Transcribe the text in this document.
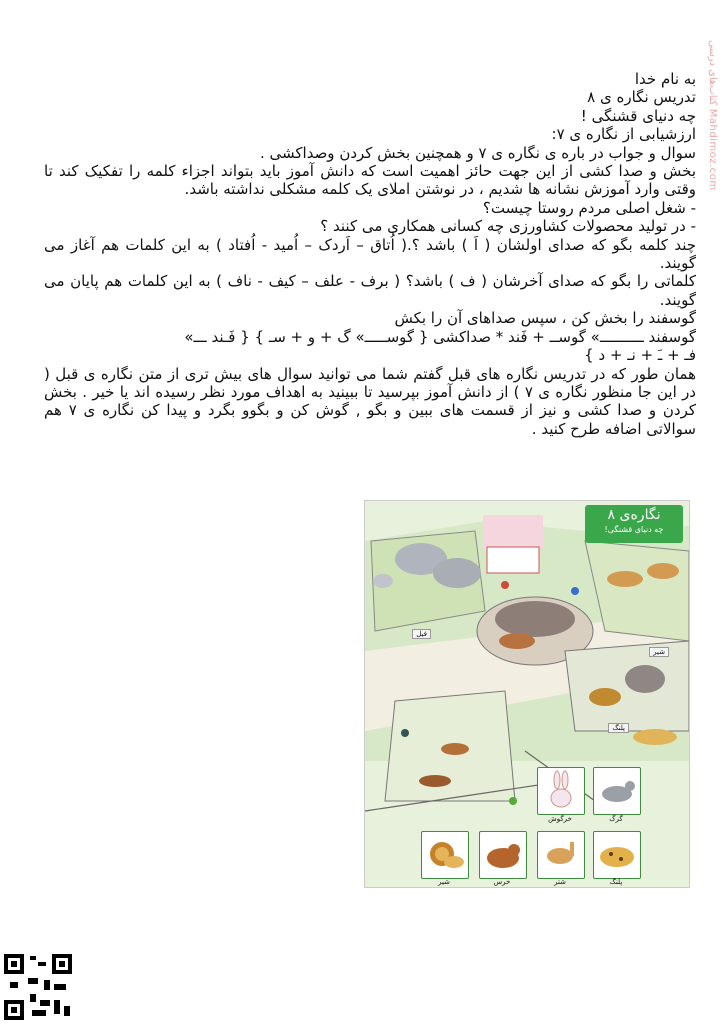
کتاب‌های درسی Mahdimoz.com

به نام خدا

تدریس نگاره ی ۸

چه دنیای قشنگی !

ارزشیابی از نگاره ی ۷:

سوال و جواب در باره ی نگاره ی ۷ و همچنین بخش کردن وصداکشی .

بخش و صدا کشی از این جهت حائز اهمیت است که دانش آموز باید بتواند اجزاء کلمه را تفکیک کند تا وقتی وارد آموزش نشانه ها شدیم ، در نوشتن املای یک کلمه مشکلی نداشته باشد.

- شغل اصلی مردم روستا چیست؟

- در تولید محصولات کشاورزی چه کسانی همکاری می کنند ؟

چند کلمه بگو که صدای اولشان ( اَ ) باشد ؟.( اُتاق – اَردک – اُمید - اُفتاد ) به این کلمات هم آغاز می گویند.

کلماتی را بگو که صدای آخرشان ( ف ) باشد؟ ( برف - علف – کیف - ناف ) به این کلمات هم پایان می گویند.

گوسفند را بخش کن ، سپس صداهای آن را بکش

گوسفند ــــــــــ» گوســ + فَند * صداکشی { گوســـــ» گ + و + سـ } { فَـند ـــ»

فـ + ـَ + نـ + د }

همان طور که در تدریس نگاره های قبل گفتم شما می توانید سوال های بیش تری از متن نگاره ی قبل ( در این جا منظور نگاره ی ۷ ) از دانش آموز بپرسید تا ببینید به اهداف مورد نظر رسیده اند یا خیر . بخش کردن و صدا کشی و نیز از قسمت های ببین و بگو , گوش کن و بگوو بگرد و پیدا کن نگاره ی ۷ هم سوالاتی اضافه طرح کنید .

نگاره‌ی ۸
چه دنیای قشنگی!
فیل
شیر
پلنگ
گرگ
خرگوش
پلنگ
شتر
خرس
شیر
